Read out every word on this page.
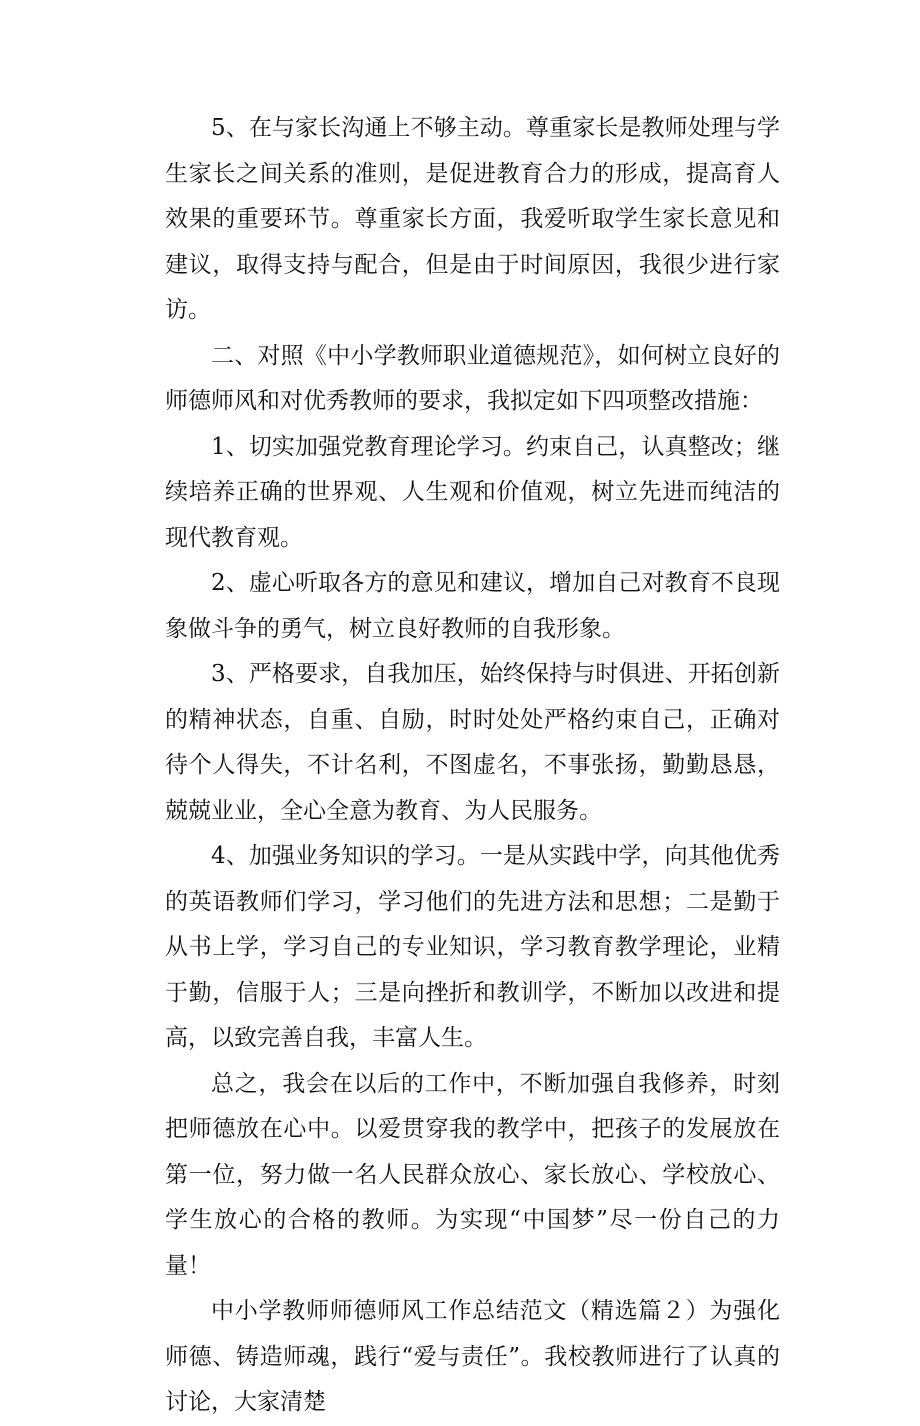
5、在与家长沟通上不够主动。尊重家长是教师处理与学生家长之间关系的准则，是促进教育合力的形成，提高育人效果的重要环节。尊重家长方面，我爱听取学生家长意见和建议，取得支持与配合，但是由于时间原因，我很少进行家访。

二、对照《中小学教师职业道德规范》，如何树立良好的师德师风和对优秀教师的要求，我拟定如下四项整改措施：

1、切实加强党教育理论学习。约束自己，认真整改；继续培养正确的世界观、人生观和价值观，树立先进而纯洁的现代教育观。

2、虚心听取各方的意见和建议，增加自己对教育不良现象做斗争的勇气，树立良好教师的自我形象。

3、严格要求，自我加压，始终保持与时俱进、开拓创新的精神状态，自重、自励，时时处处严格约束自己，正确对待个人得失，不计名利，不图虚名，不事张扬，勤勤恳恳，兢兢业业，全心全意为教育、为人民服务。

4、加强业务知识的学习。一是从实践中学，向其他优秀的英语教师们学习，学习他们的先进方法和思想；二是勤于从书上学，学习自己的专业知识，学习教育教学理论，业精于勤，信服于人；三是向挫折和教训学，不断加以改进和提高，以致完善自我，丰富人生。

总之，我会在以后的工作中，不断加强自我修养，时刻把师德放在心中。以爱贯穿我的教学中，把孩子的发展放在第一位，努力做一名人民群众放心、家长放心、学校放心、学生放心的合格的教师。为实现“中国梦”尽一份自己的力量！

中小学教师师德师风工作总结范文（精选篇２）为强化师德、铸造师魂，践行“爱与责任”。我校教师进行了认真的讨论，大家清楚
